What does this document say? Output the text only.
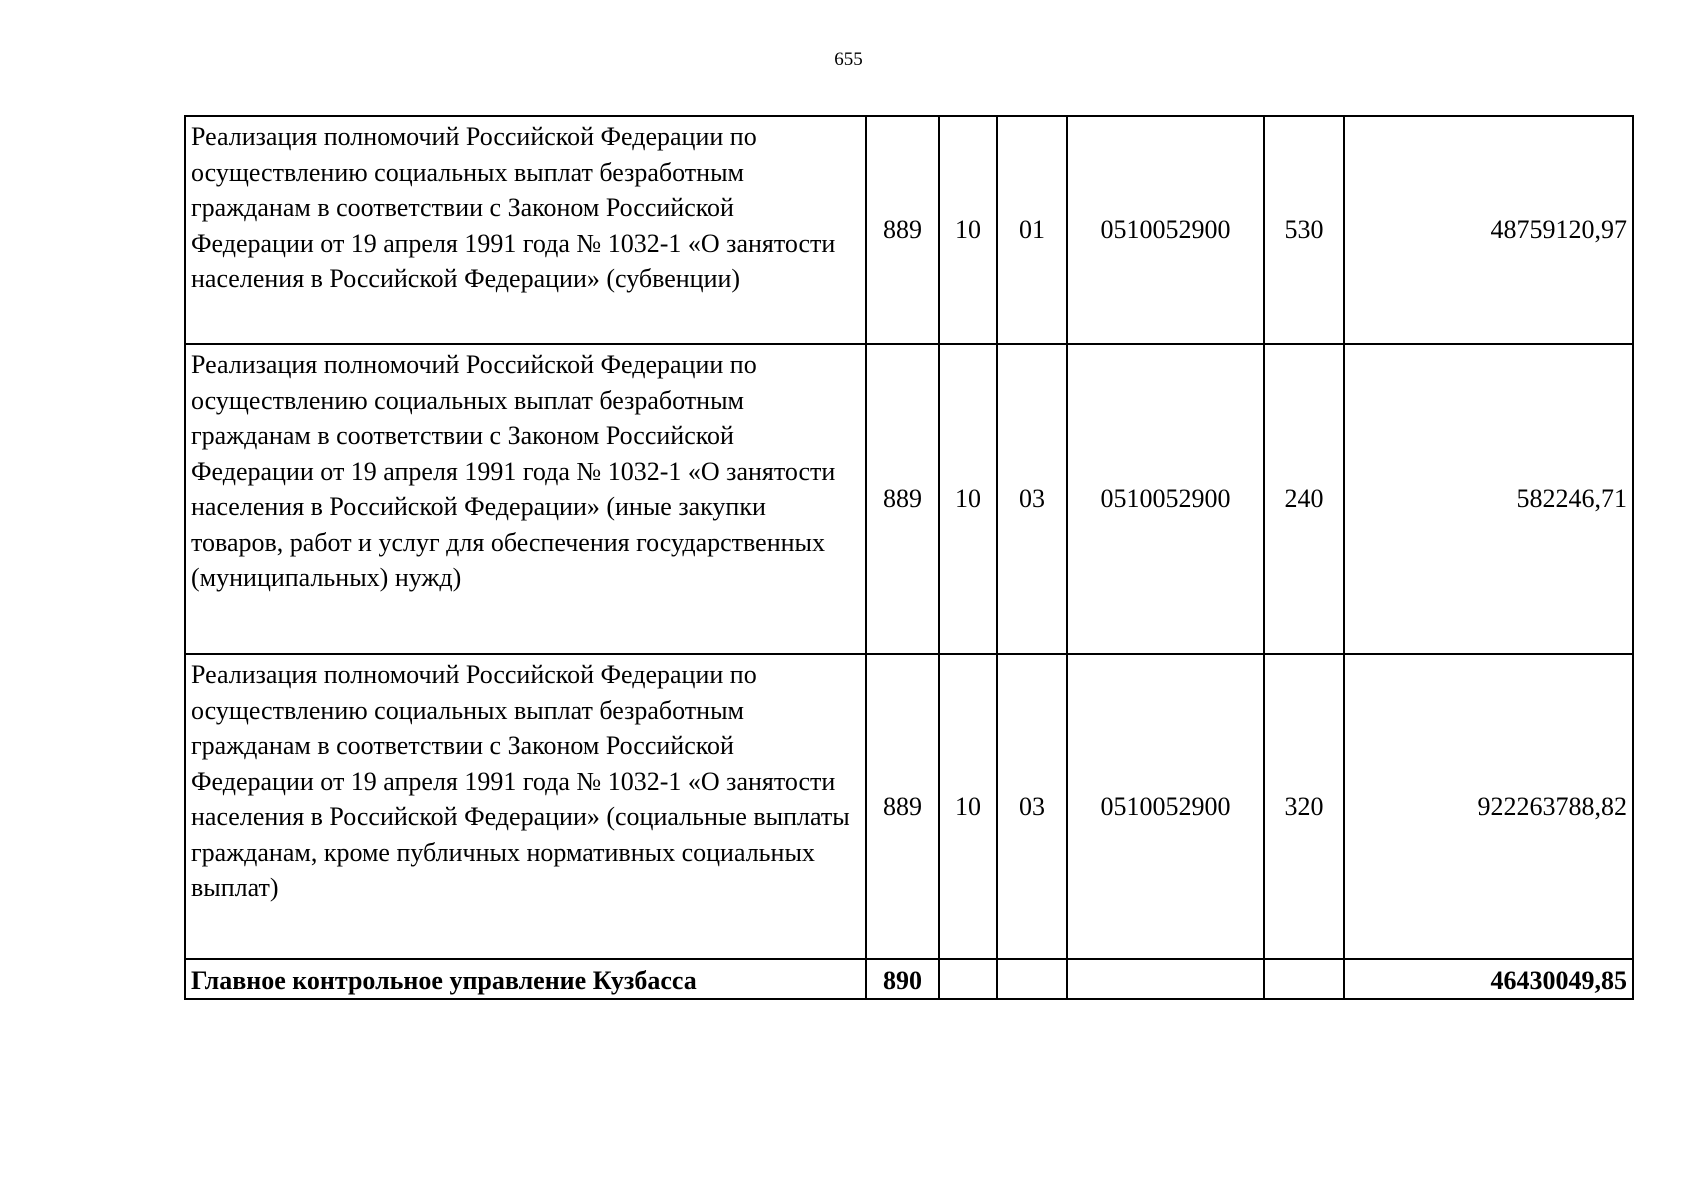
655
Реализация полномочий Российской Федерации по осуществлению социальных выплат безработным гражданам в соответствии с Законом Российской Федерации от 19 апреля 1991 года № 1032-1 «О занятости населения в Российской Федерации» (субвенции)	889	10	01	0510052900	530	48759120,97
Реализация полномочий Российской Федерации по осуществлению социальных выплат безработным гражданам в соответствии с Законом Российской Федерации от 19 апреля 1991 года № 1032-1 «О занятости населения в Российской Федерации» (иные закупки товаров, работ и услуг для обеспечения государственных (муниципальных) нужд)	889	10	03	0510052900	240	582246,71
Реализация полномочий Российской Федерации по осуществлению социальных выплат безработным гражданам в соответствии с Законом Российской Федерации от 19 апреля 1991 года № 1032-1 «О занятости населения в Российской Федерации» (социальные выплаты гражданам, кроме публичных нормативных социальных выплат)	889	10	03	0510052900	320	922263788,82
Главное контрольное управление Кузбасса	890					46430049,85
